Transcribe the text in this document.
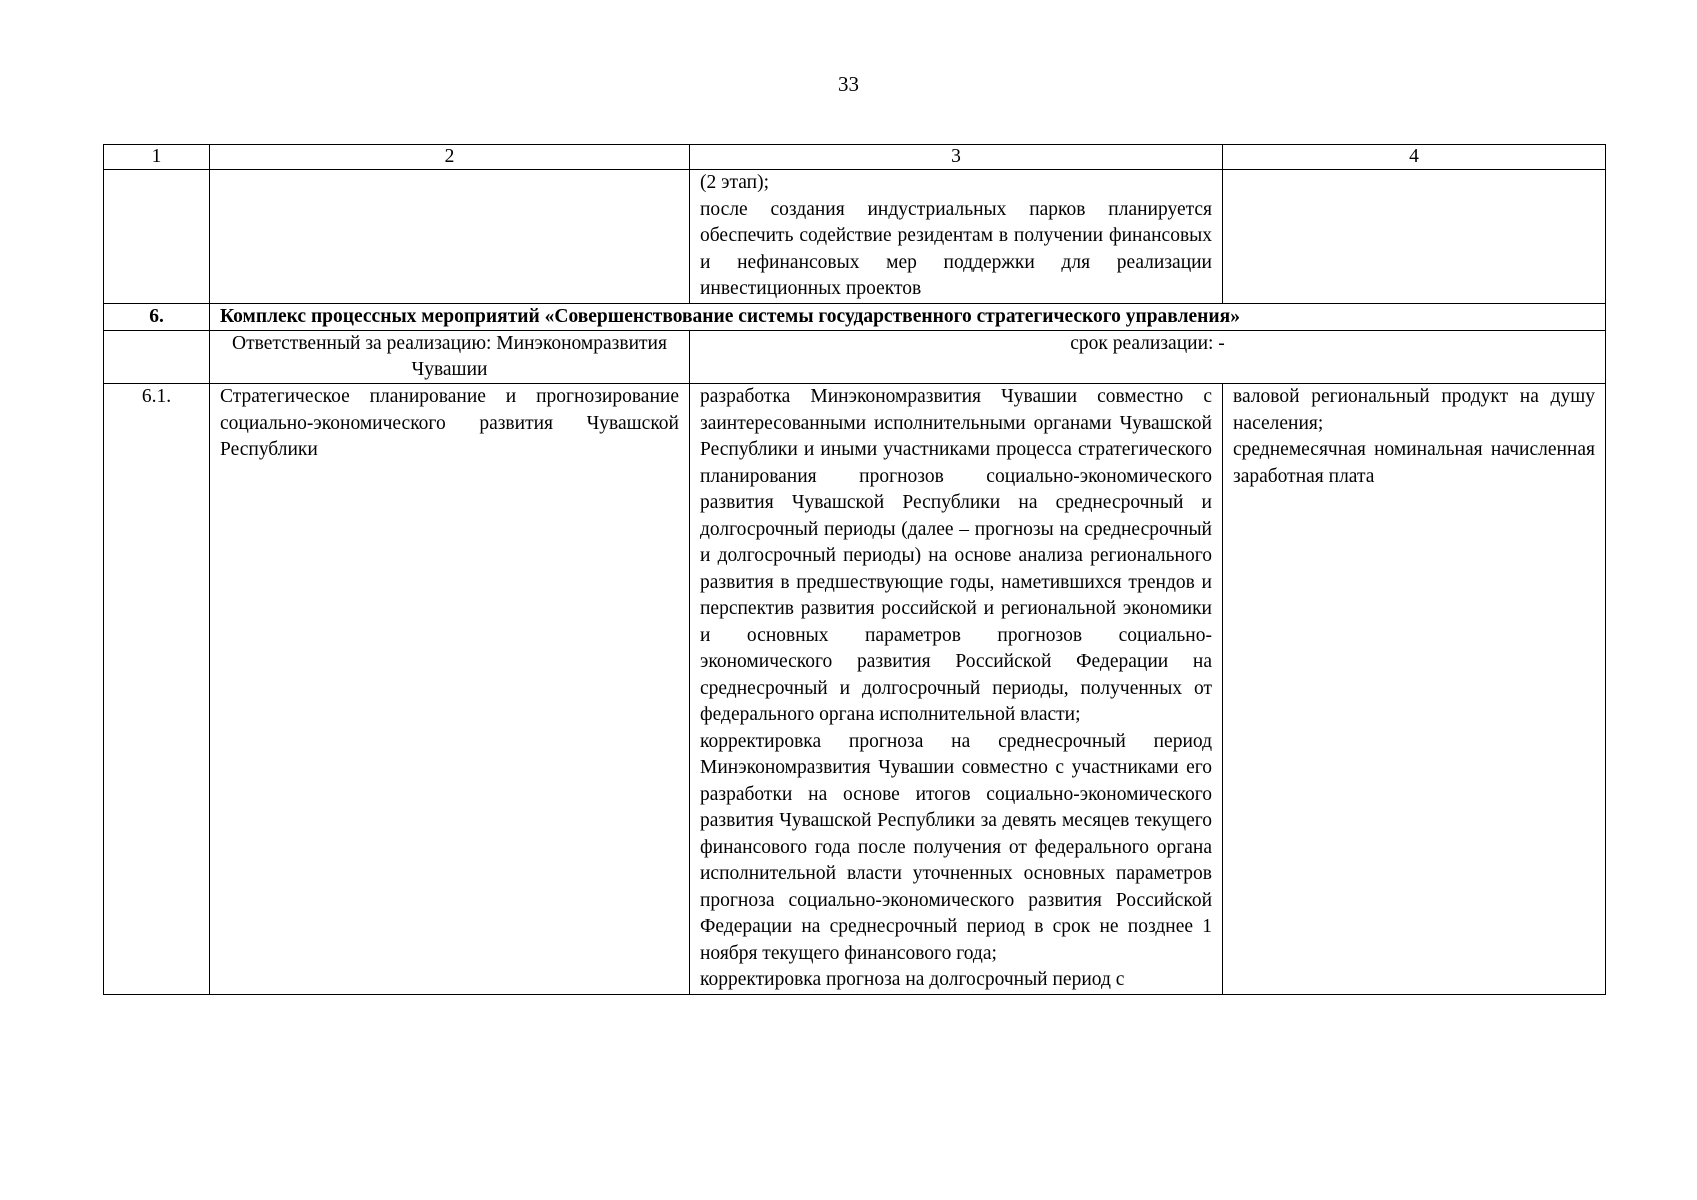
33
1	2	3	4

		(2 этап);
после создания индустриальных парков планируется обеспечить содействие резидентам в получении финансовых и нефинансовых мер поддержки для реализации инвестиционных проектов	

6.	Комплекс процессных мероприятий «Совершенствование системы государственного стратегического управления»		
	Ответственный за реализацию: Минэкономразвития Чувашии	срок реализации: -	
6.1.	Стратегическое планирование и прогнозирование социально-экономического развития Чувашской Республики	разработка Минэкономразвития Чувашии совместно с заинтересованными исполнительными органами Чувашской Республики и иными участниками процесса стратегического планирования прогнозов социально-экономического развития Чувашской Республики на среднесрочный и долгосрочный периоды (далее – прогнозы на среднесрочный и долгосрочный периоды) на основе анализа регионального развития в предшествующие годы, наметившихся трендов и перспектив развития российской и региональной экономики и основных параметров прогнозов социально-экономического развития Российской Федерации на среднесрочный и долгосрочный периоды, полученных от федерального органа исполнительной власти;
корректировка прогноза на среднесрочный период Минэкономразвития Чувашии совместно с участниками его разработки на основе итогов социально-экономического развития Чувашской Республики за девять месяцев текущего финансового года после получения от федерального органа исполнительной власти уточненных основных параметров прогноза социально-экономического развития Российской Федерации на среднесрочный период в срок не позднее 1 ноября текущего финансового года;
корректировка прогноза на долгосрочный период с	валовой региональный продукт на душу населения;
среднемесячная номинальная начисленная заработная плата
